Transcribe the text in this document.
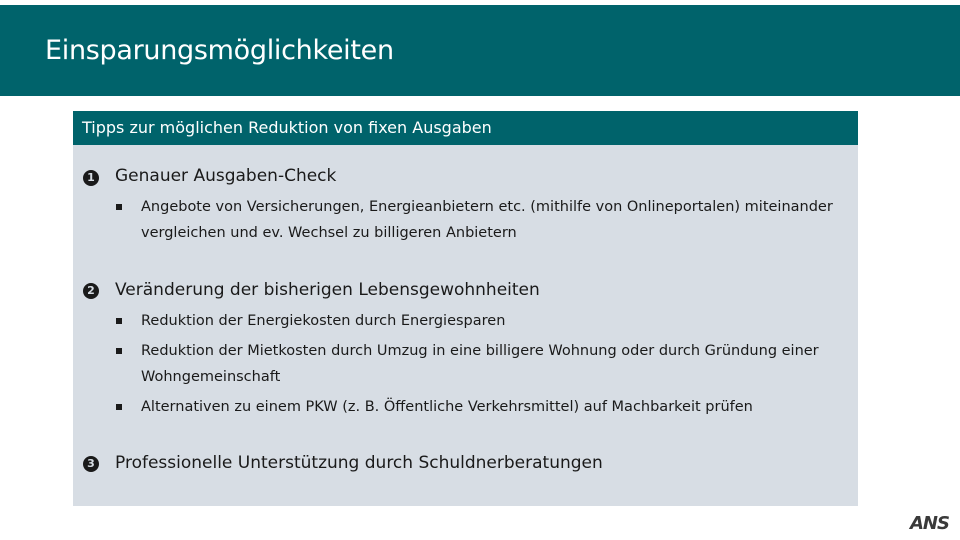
Einsparungsmöglichkeiten
Tipps zur möglichen Reduktion von fixen Ausgaben
1 Genauer Ausgaben-Check
Angebote von Versicherungen, Energieanbietern etc. (mithilfe von Onlineportalen) miteinander vergleichen und ev. Wechsel zu billigeren Anbietern
2 Veränderung der bisherigen Lebensgewohnheiten
Reduktion der Energiekosten durch Energiesparen
Reduktion der Mietkosten durch Umzug in eine billigere Wohnung oder durch Gründung einer Wohngemeinschaft
Alternativen zu einem PKW (z. B. Öffentliche Verkehrsmittel) auf Machbarkeit prüfen
3 Professionelle Unterstützung durch Schuldnerberatungen
ANS
